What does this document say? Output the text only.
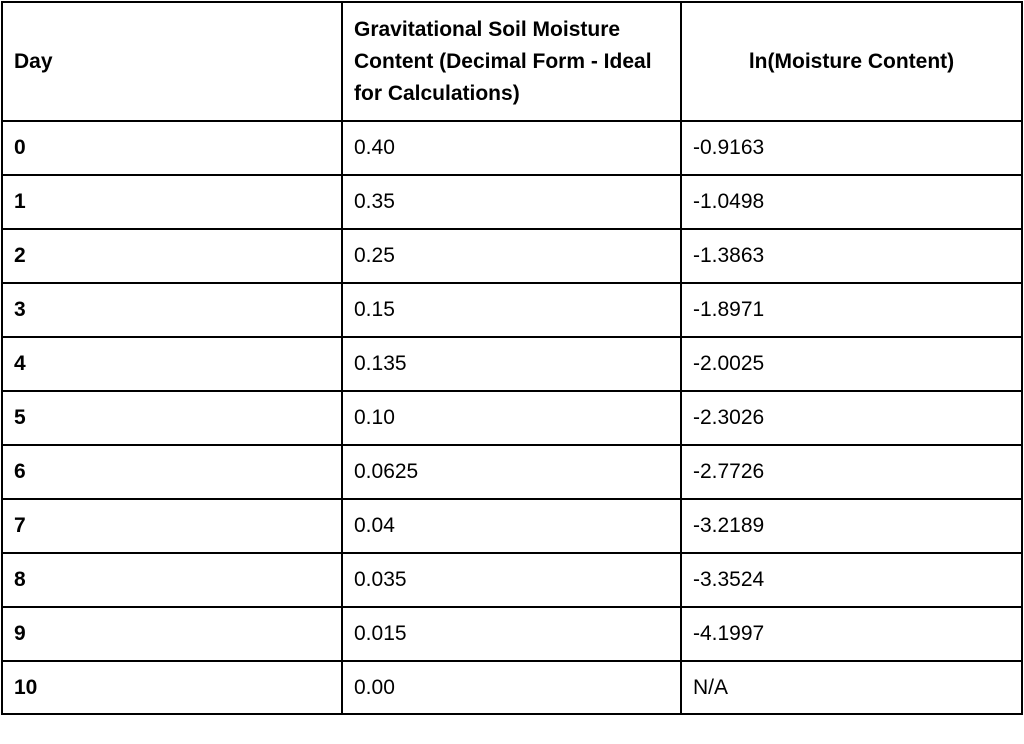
Day	Gravitational Soil Moisture Content (Decimal Form - Ideal for Calculations)	ln(Moisture Content)
0	0.40	-0.9163
1	0.35	-1.0498
2	0.25	-1.3863
3	0.15	-1.8971
4	0.135	-2.0025
5	0.10	-2.3026
6	0.0625	-2.7726
7	0.04	-3.2189
8	0.035	-3.3524
9	0.015	-4.1997
10	0.00	N/A
